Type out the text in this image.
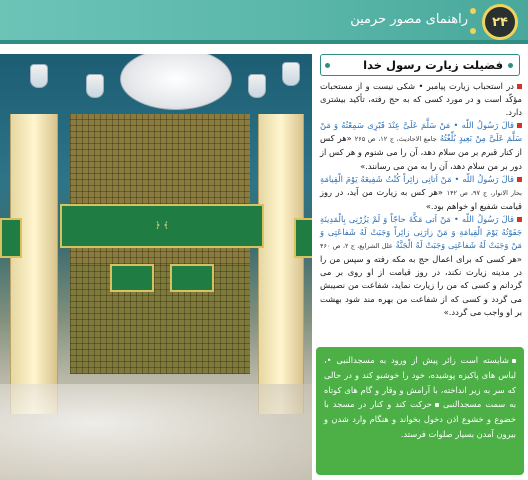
راهنمای مصور حرمین ۲۴
﴾ ﴿
فضیلت زیارت رسول خدا

در استحباب زیارت پیامبر • شکی نیست و از مستحبات مؤکّد است و در مورد کسی که به حج رفته، تأکید بیشتری دارد.

قالَ رَسُولُ اللّه • مَنْ سَلَّمَ عَلَیَّ عِنْدَ قَبْرِی سَمِعْتُهُ وَ مَنْ سَلَّمَ عَلَیَّ مِنْ بَعِیدٍ بُلِّغْتُهُ جامع الاحادیث، ج ۱۲، ص ۲۶۵ «هر کس از کنار قبرم بر من سلام دهد، آن را می شنوم و هر کس از دور بر من سلام دهد، آن را به من می رسانند.»

قالَ رَسُولُ اللّه • مَنْ اَتانِی زائِراً کُنْتُ شَفِیعَهُ یَوْمَ الْقِیامَةِ بحار الانوار، ج ۹۷، ص ۱۴۲ «هر کس به زیارت من آید، در روز قیامت شفیع او خواهم بود.»

قالَ رَسُولُ اللّه • مَنْ اَتی مَکَّةَ حاجّاً وَ لَمْ یَزُرْنِی بِالْمَدِینَةِ جَفَوْتُهُ یَوْمَ الْقِیامَةِ وَ مَنْ زارَنِی زائِراً وَجَبَتْ لَهُ شَفاعَتِی وَ مَنْ وَجَبَتْ لَهُ شَفاعَتِی وَجَبَتْ لَهُ الْجَنَّةُ علل الشرایع، ج ۲، ص ۴۶۰ «هر کسی که برای اعمال حج به مکه رفته و سپس من را در مدینه زیارت نکند، در روز قیامت از او روی بر می گردانم و کسی که من را زیارت نماید، شفاعت من نصیبش می گردد و کسی که از شفاعت من بهره مند شود بهشت بر او واجب می گردد.»

شایسته است زائر پیش از ورود به مسجدالنبی •، لباس های پاکیزه پوشیده، خود را خوشبو کند و در حالی که سر به زیر انداخته، با آرامش و وقار و گام های کوتاه به سمت مسجدالنبی حرکت کند و کنار در مسجد با خضوع و خشوع اذن دخول بخواند و هنگام وارد شدن و بیرون آمدن بسیار صلوات فرستد.
